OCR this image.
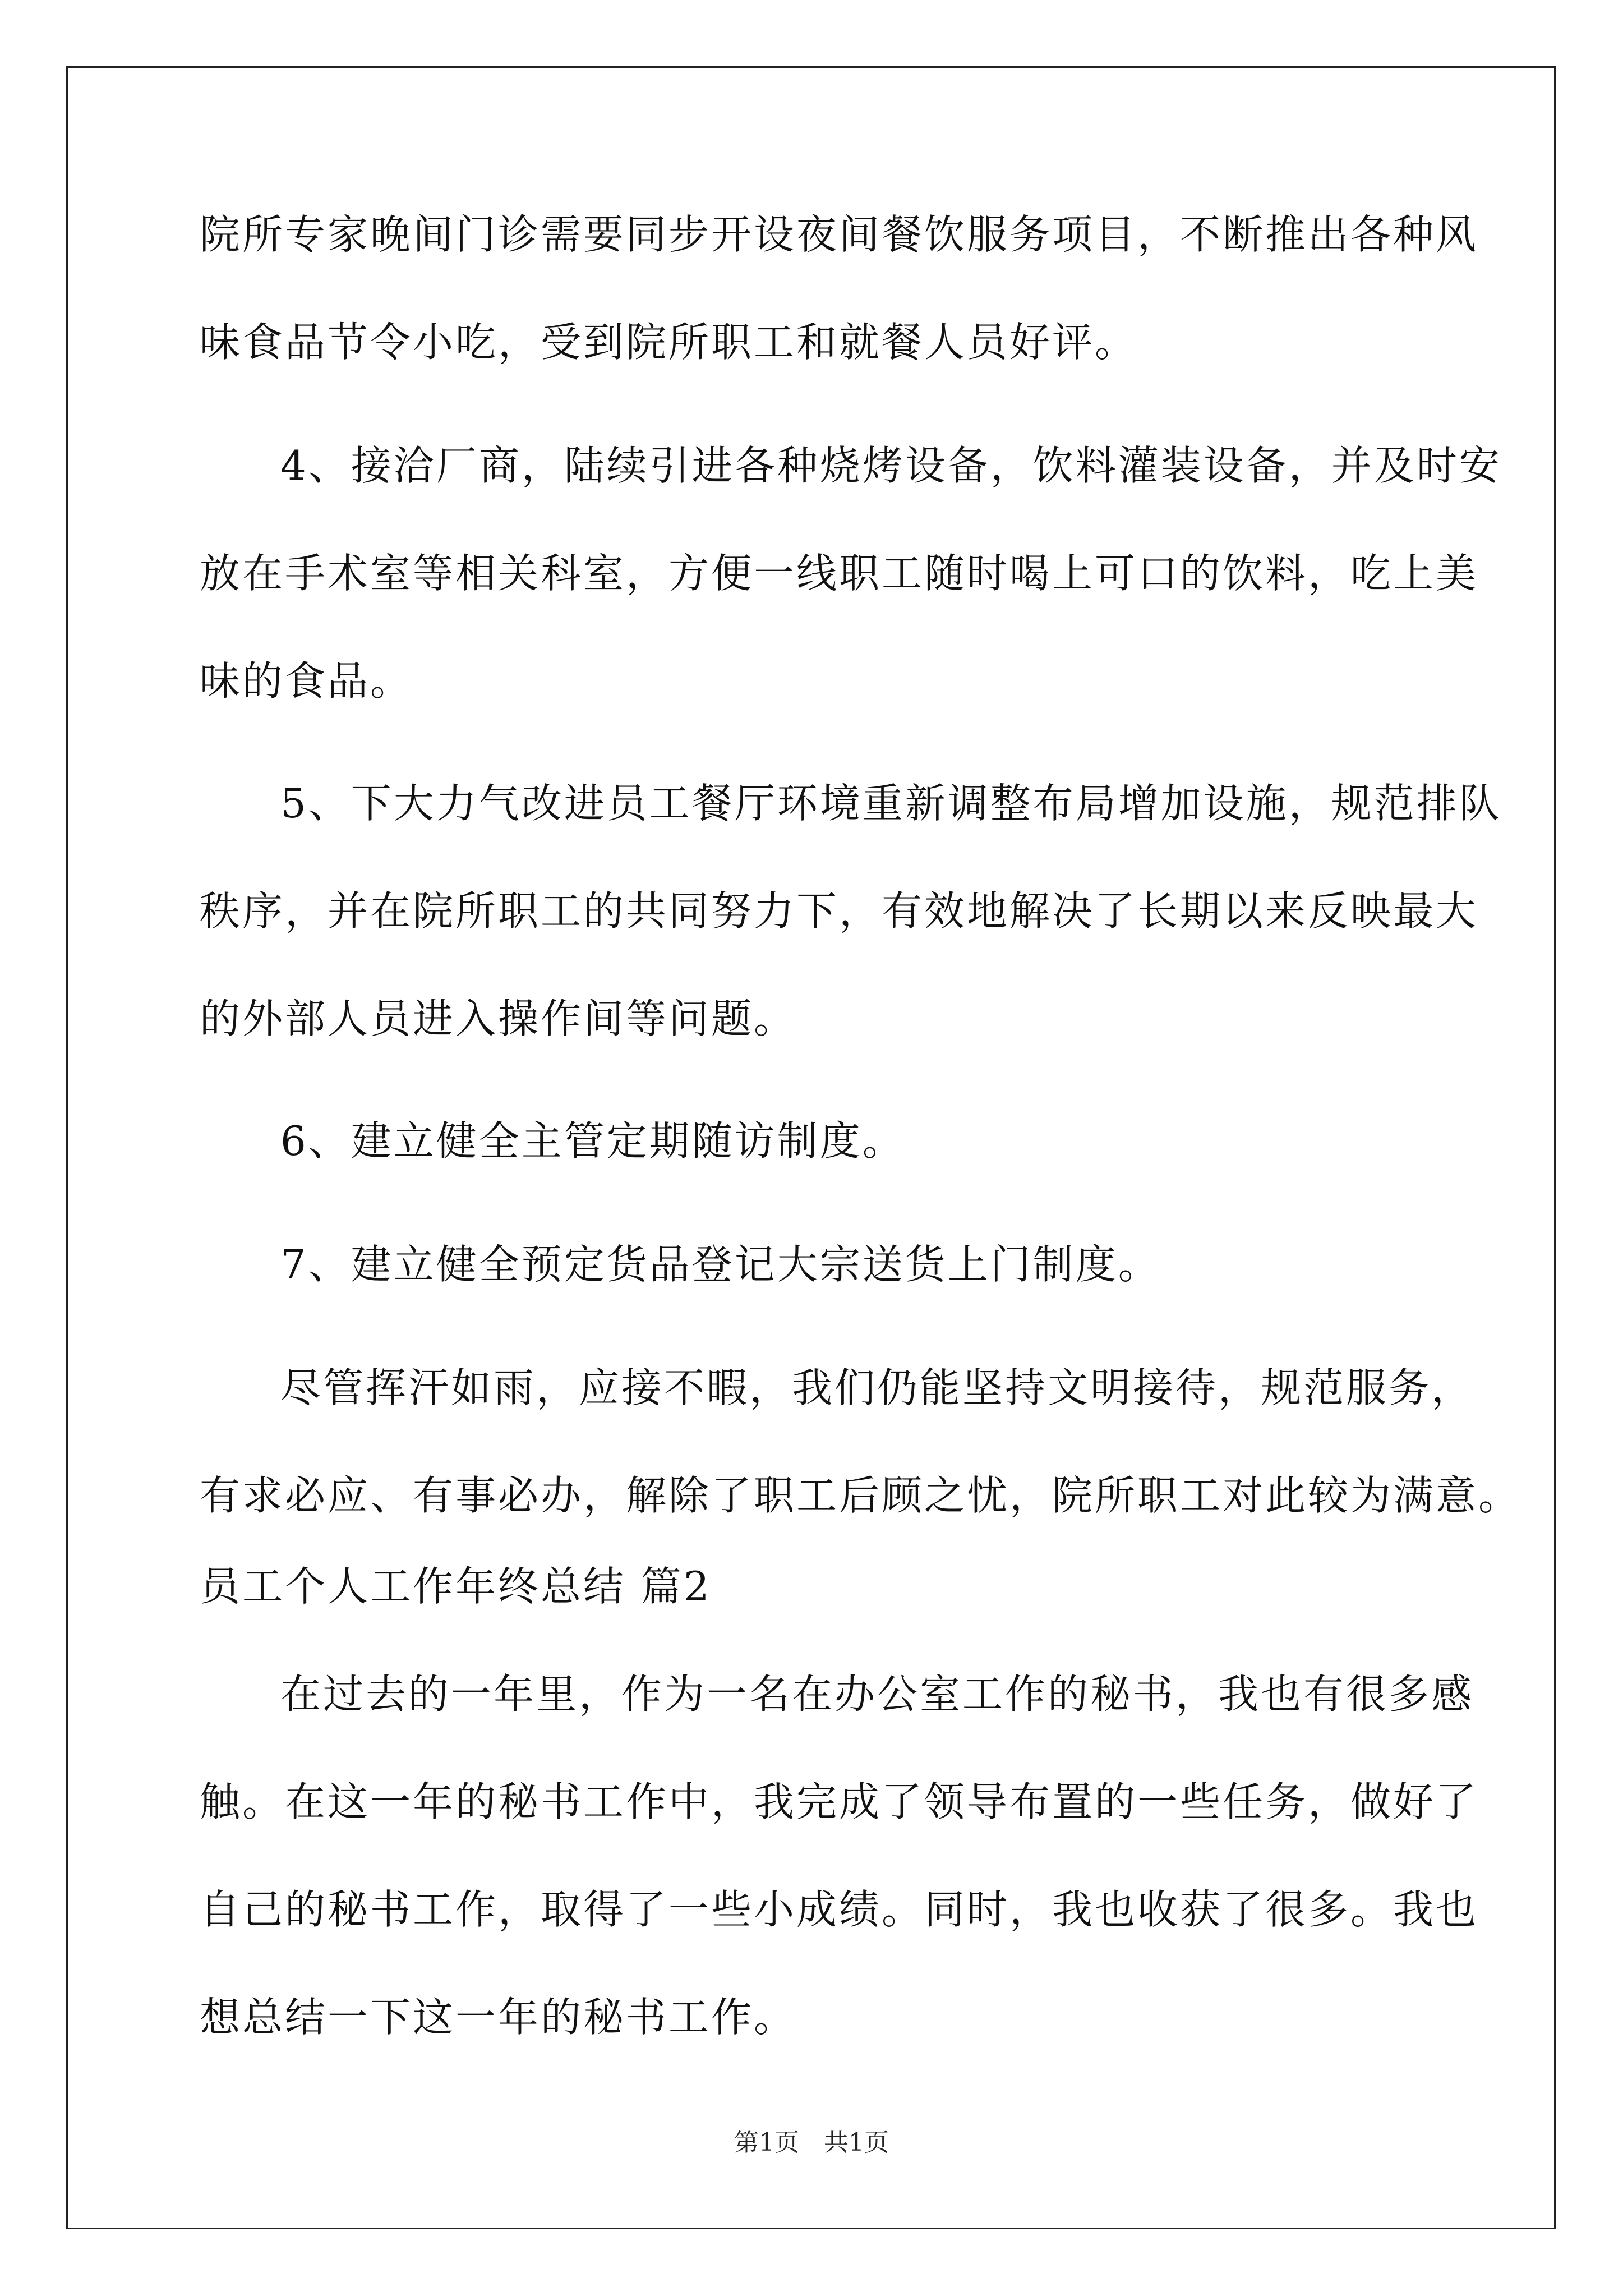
院所专家晚间门诊需要同步开设夜间餐饮服务项目，不断推出各种风
味食品节令小吃，受到院所职工和就餐人员好评。
4、接洽厂商，陆续引进各种烧烤设备，饮料灌装设备，并及时安
放在手术室等相关科室，方便一线职工随时喝上可口的饮料，吃上美
味的食品。
5、下大力气改进员工餐厅环境重新调整布局增加设施，规范排队
秩序，并在院所职工的共同努力下，有效地解决了长期以来反映最大
的外部人员进入操作间等问题。
6、建立健全主管定期随访制度。
7、建立健全预定货品登记大宗送货上门制度。
尽管挥汗如雨，应接不暇，我们仍能坚持文明接待，规范服务，
有求必应、有事必办，解除了职工后顾之忧，院所职工对此较为满意。
员工个人工作年终总结 篇2
在过去的一年里，作为一名在办公室工作的秘书，我也有很多感
触。在这一年的秘书工作中，我完成了领导布置的一些任务，做好了
自己的秘书工作，取得了一些小成绩。同时，我也收获了很多。我也
想总结一下这一年的秘书工作。
第1页　共1页
